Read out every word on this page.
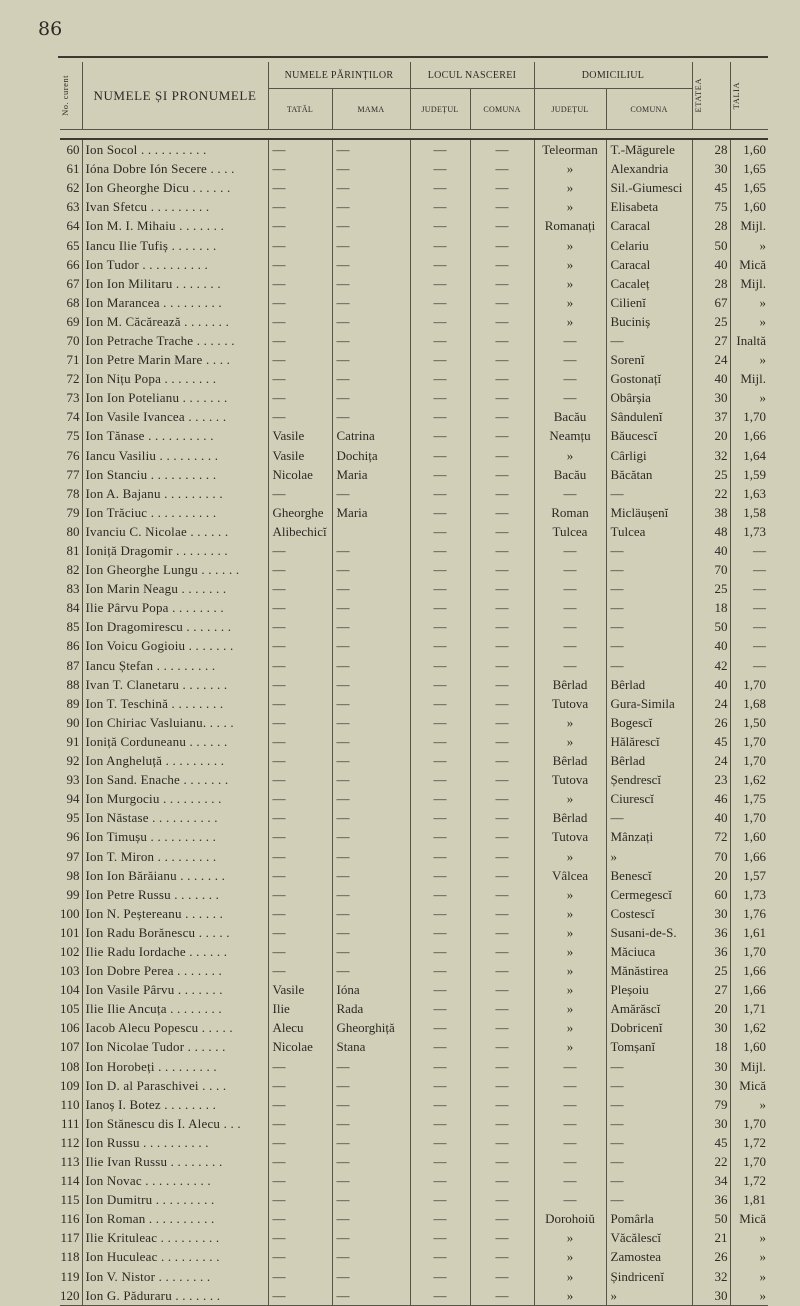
86
No. curent	NUMELE ȘI PRONUMELE	NUMELE PĂRINȚILOR		LOCUL NASCEREI		DOMICILIUL		ETATEA	TALIA

		TATĂL	MAMA	JUDEȚUL	COMUNA	JUDEȚUL	COMUNA		

60	Ion Socol . . . . . . . . . .	—	—	—	—	Teleorman	T.-Măgurele	28	1,60
61	Ióna Dobre Ión Secere . . . .	—	—	—	—	»	Alexandria	30	1,65
62	Ion Gheorghe Dicu . . . . . .	—	—	—	—	»	Sil.-Giumesci	45	1,65
63	Ivan Sfetcu . . . . . . . . .	—	—	—	—	»	Elisabeta	75	1,60
64	Ion M. I. Mihaiu . . . . . . .	—	—	—	—	Romanați	Caracal	28	Mijl.
65	Iancu Ilie Tufiș . . . . . . .	—	—	—	—	»	Celariu	50	»
66	Ion Tudor . . . . . . . . . .	—	—	—	—	»	Caracal	40	Mică
67	Ion Ion Militaru . . . . . . .	—	—	—	—	»	Cacaleț	28	Mijl.
68	Ion Marancea . . . . . . . . .	—	—	—	—	»	Cilienĭ	67	»
69	Ion M. Căcărează . . . . . . .	—	—	—	—	»	Buciniș	25	»
70	Ion Petrache Trache . . . . . .	—	—	—	—	—	—	27	Inaltă
71	Ion Petre Marin Mare . . . .	—	—	—	—	—	Sorenĭ	24	»
72	Ion Nițu Popa . . . . . . . .	—	—	—	—	—	Gostonațĭ	40	Mijl.
73	Ion Ion Potelianu . . . . . . .	—	—	—	—	—	Obârșia	30	»
74	Ion Vasile Ivancea . . . . . .	—	—	—	—	Bacău	Sândulenĭ	37	1,70
75	Ion Tănase . . . . . . . . . .	Vasile	Catrina	—	—	Neamțu	Băucescĭ	20	1,66
76	Iancu Vasiliu . . . . . . . . .	Vasile	Dochița	—	—	»	Cârligi	32	1,64
77	Ion Stanciu . . . . . . . . . .	Nicolae	Maria	—	—	Bacău	Băcătan	25	1,59
78	Ion A. Bajanu . . . . . . . . .	—	—	—	—	—	—	22	1,63
79	Ion Trăciuc . . . . . . . . . .	Gheorghe	Maria	—	—	Roman	Micläușenĭ	38	1,58
80	Ivanciu C. Nicolae . . . . . .	Alibechicĭ		—	—	Tulcea	Tulcea	48	1,73
81	Ioniță Dragomir . . . . . . . .	—	—	—	—	—	—	40	—
82	Ion Gheorghe Lungu . . . . . .	—	—	—	—	—	—	70	—
83	Ion Marin Neagu . . . . . . .	—	—	—	—	—	—	25	—
84	Ilie Pârvu Popa . . . . . . . .	—	—	—	—	—	—	18	—
85	Ion Dragomirescu . . . . . . .	—	—	—	—	—	—	50	—
86	Ion Voicu Gogioiu . . . . . . .	—	—	—	—	—	—	40	—
87	Iancu Ștefan . . . . . . . . .	—	—	—	—	—	—	42	—
88	Ivan T. Clanetaru . . . . . . .	—	—	—	—	Bêrlad	Bêrlad	40	1,70
89	Ion T. Teschină . . . . . . . .	—	—	—	—	Tutova	Gura-Simila	24	1,68
90	Ion Chiriac Vasluianu. . . . .	—	—	—	—	»	Bogescĭ	26	1,50
91	Ioniță Corduneanu . . . . . .	—	—	—	—	»	Hălărescĭ	45	1,70
92	Ion Angheluță . . . . . . . . .	—	—	—	—	Bêrlad	Bêrlad	24	1,70
93	Ion Sand. Enache . . . . . . .	—	—	—	—	Tutova	Șendrescĭ	23	1,62
94	Ion Murgociu . . . . . . . . .	—	—	—	—	»	Ciurescĭ	46	1,75
95	Ion Năstase . . . . . . . . . .	—	—	—	—	Bêrlad	—	40	1,70
96	Ion Timușu . . . . . . . . . .	—	—	—	—	Tutova	Mânzați	72	1,60
97	Ion T. Miron . . . . . . . . .	—	—	—	—	»	»	70	1,66
98	Ion Ion Bărăianu . . . . . . .	—	—	—	—	Vâlcea	Benescĭ	20	1,57
99	Ion Petre Russu . . . . . . .	—	—	—	—	»	Cermegescĭ	60	1,73
100	Ion N. Peștereanu . . . . . .	—	—	—	—	»	Costescĭ	30	1,76
101	Ion Radu Borănescu . . . . .	—	—	—	—	»	Susani-de-S.	36	1,61
102	Ilie Radu Iordache . . . . . .	—	—	—	—	»	Măciuca	36	1,70
103	Ion Dobre Perea . . . . . . .	—	—	—	—	»	Mănăstirea	25	1,66
104	Ion Vasile Pârvu . . . . . . .	Vasile	Ióna	—	—	»	Pleșoiu	27	1,66
105	Ilie Ilie Ancuța . . . . . . . .	Ilie	Rada	—	—	»	Amărăscĭ	20	1,71
106	Iacob Alecu Popescu . . . . .	Alecu	Gheorghiță	—	—	»	Dobricenĭ	30	1,62
107	Ion Nicolae Tudor . . . . . .	Nicolae	Stana	—	—	»	Tomșanĭ	18	1,60
108	Ion Horobeți . . . . . . . . .	—	—	—	—	—	—	30	Mijl.
109	Ion D. al Paraschivei . . . .	—	—	—	—	—	—	30	Mică
110	Ianoș I. Botez . . . . . . . .	—	—	—	—	—	—	79	»
111	Ion Stănescu dis I. Alecu . . .	—	—	—	—	—	—	30	1,70
112	Ion Russu . . . . . . . . . .	—	—	—	—	—	—	45	1,72
113	Ilie Ivan Russu . . . . . . . .	—	—	—	—	—	—	22	1,70
114	Ion Novac . . . . . . . . . .	—	—	—	—	—	—	34	1,72
115	Ion Dumitru . . . . . . . . .	—	—	—	—	—	—	36	1,81
116	Ion Roman . . . . . . . . . .	—	—	—	—	Dorohoiŭ	Pomârla	50	Mică
117	Ilie Krituleac . . . . . . . . .	—	—	—	—	»	Văcălescĭ	21	»
118	Ion Huculeac . . . . . . . . .	—	—	—	—	»	Zamostea	26	»
119	Ion V. Nistor . . . . . . . .	—	—	—	—	»	Șindricenĭ	32	»
120	Ion G. Păduraru . . . . . . .	—	—	—	—	»	»	30	»
